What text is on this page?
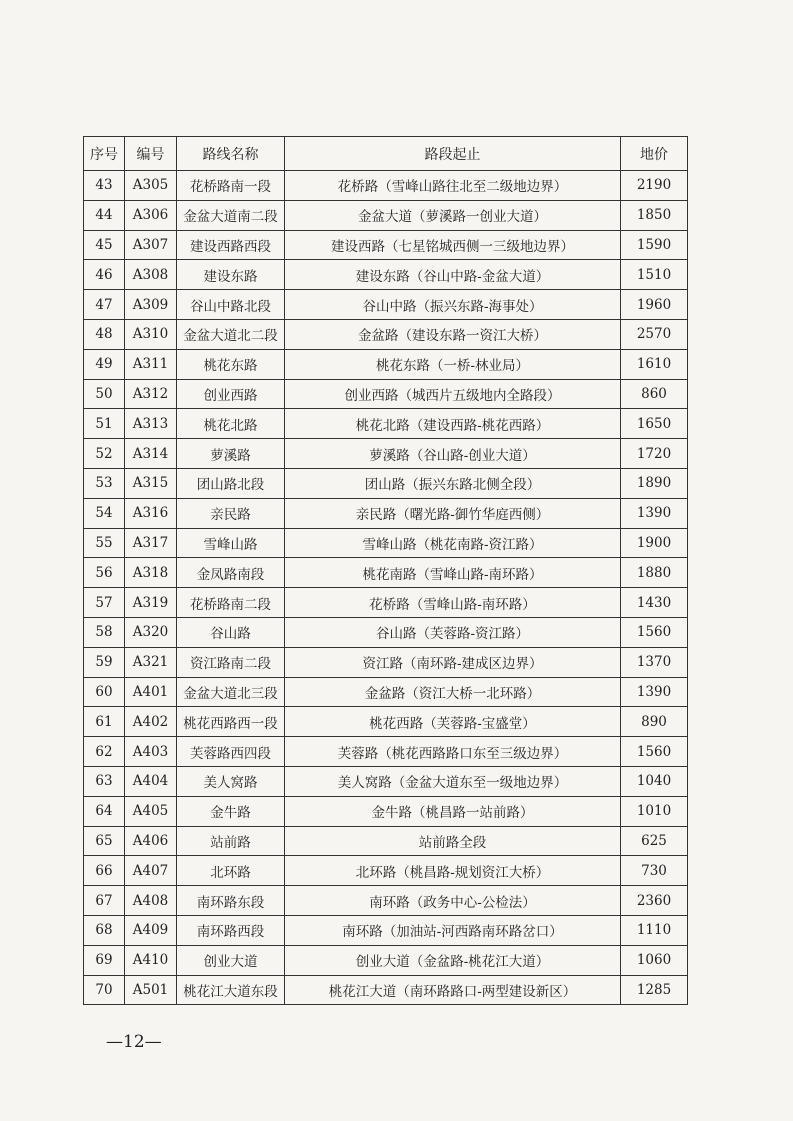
序号	编号	路线名称	路段起止	地价
43	A305	花桥路南一段	花桥路（雪峰山路往北至二级地边界）	2190
44	A306	金盆大道南二段	金盆大道（萝溪路一创业大道）	1850
45	A307	建设西路西段	建设西路（七星铭城西侧一三级地边界）	1590
46	A308	建设东路	建设东路（谷山中路-金盆大道）	1510
47	A309	谷山中路北段	谷山中路（振兴东路-海事处）	1960
48	A310	金盆大道北二段	金盆路（建设东路一资江大桥）	2570
49	A311	桃花东路	桃花东路（一桥-林业局）	1610
50	A312	创业西路	创业西路（城西片五级地内全路段）	860
51	A313	桃花北路	桃花北路（建设西路-桃花西路）	1650
52	A314	萝溪路	萝溪路（谷山路-创业大道）	1720
53	A315	团山路北段	团山路（振兴东路北侧全段）	1890
54	A316	亲民路	亲民路（曙光路-御竹华庭西侧）	1390
55	A317	雪峰山路	雪峰山路（桃花南路-资江路）	1900
56	A318	金凤路南段	桃花南路（雪峰山路-南环路）	1880
57	A319	花桥路南二段	花桥路（雪峰山路-南环路）	1430
58	A320	谷山路	谷山路（芙蓉路-资江路）	1560
59	A321	资江路南二段	资江路（南环路-建成区边界）	1370
60	A401	金盆大道北三段	金盆路（资江大桥一北环路）	1390
61	A402	桃花西路西一段	桃花西路（芙蓉路-宝盛堂）	890
62	A403	芙蓉路西四段	芙蓉路（桃花西路路口东至三级边界）	1560
63	A404	美人窝路	美人窝路（金盆大道东至一级地边界）	1040
64	A405	金牛路	金牛路（桃昌路一站前路）	1010
65	A406	站前路	站前路全段	625
66	A407	北环路	北环路（桃昌路-规划资江大桥）	730
67	A408	南环路东段	南环路（政务中心-公检法）	2360
68	A409	南环路西段	南环路（加油站-河西路南环路岔口）	1110
69	A410	创业大道	创业大道（金盆路-桃花江大道）	1060
70	A501	桃花江大道东段	桃花江大道（南环路路口-两型建设新区）	1285
—12—
